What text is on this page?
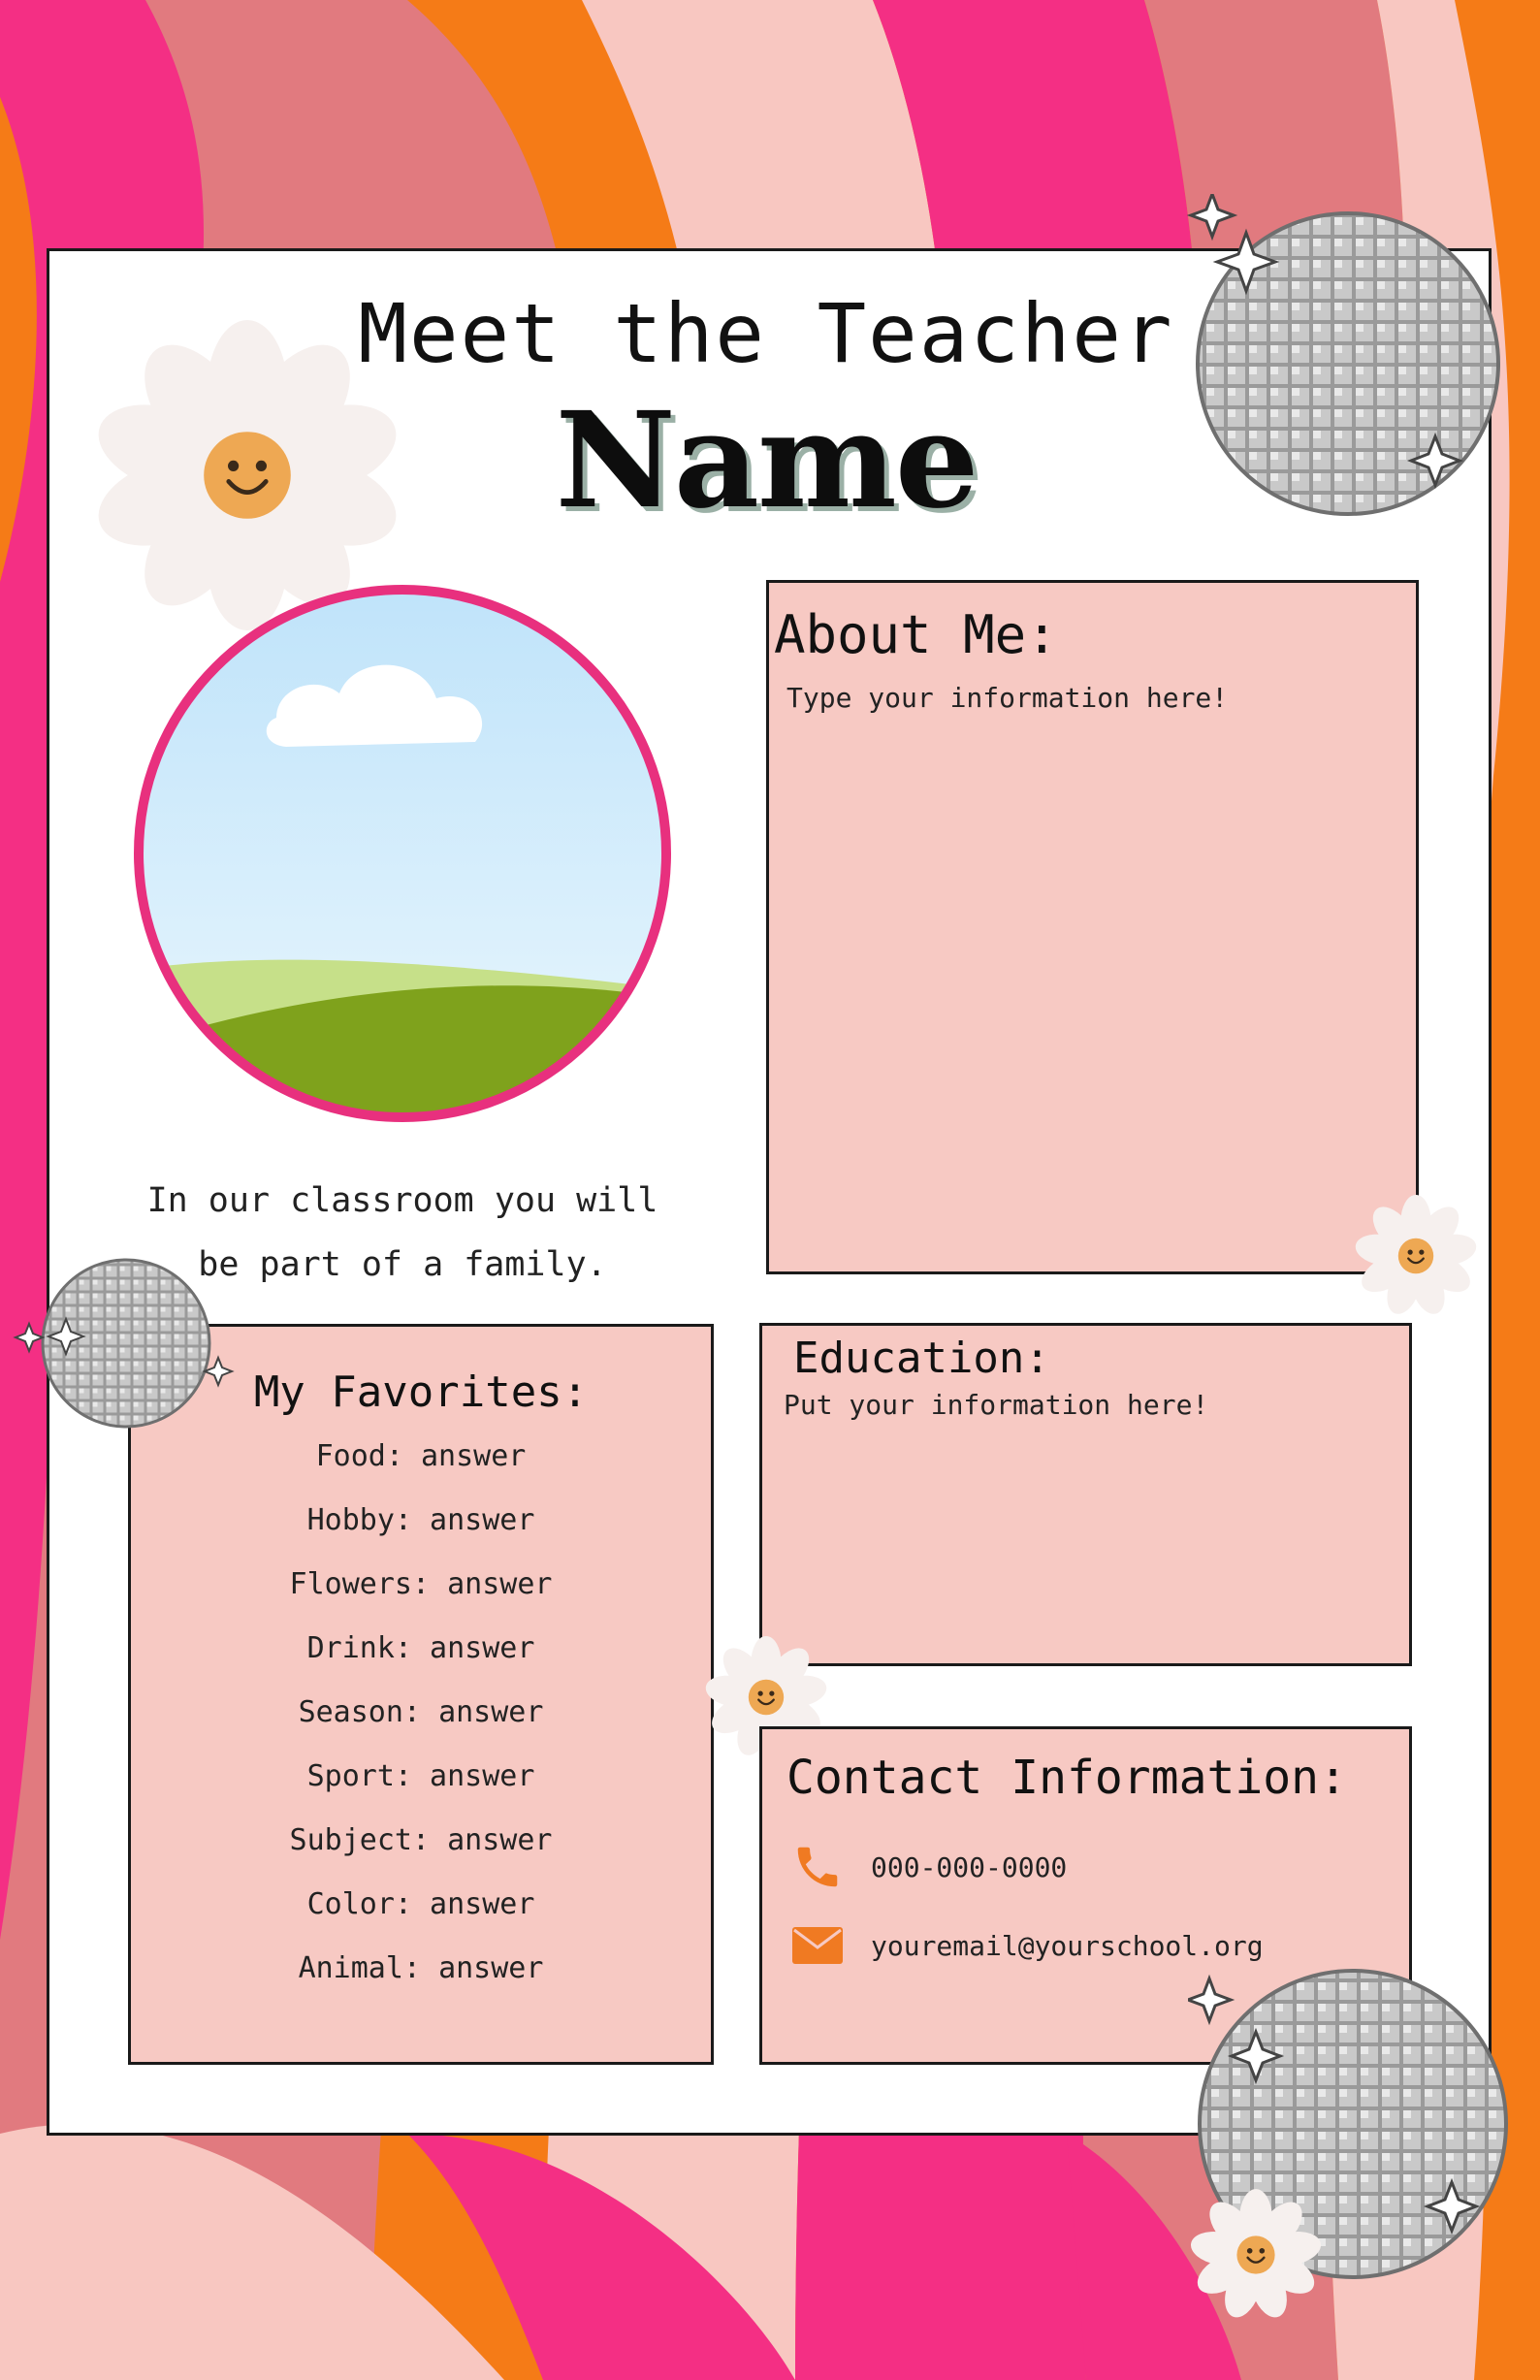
Meet the Teacher
Name
In our classroom you will
be part of a family.
About Me:
Type your information here!
My Favorites:
Food: answer
Hobby: answer
Flowers: answer
Drink: answer
Season: answer
Sport: answer
Subject: answer
Color: answer
Animal: answer
Education:
Put your information here!
Contact Information:
000-000-0000
youremail@yourschool.org
